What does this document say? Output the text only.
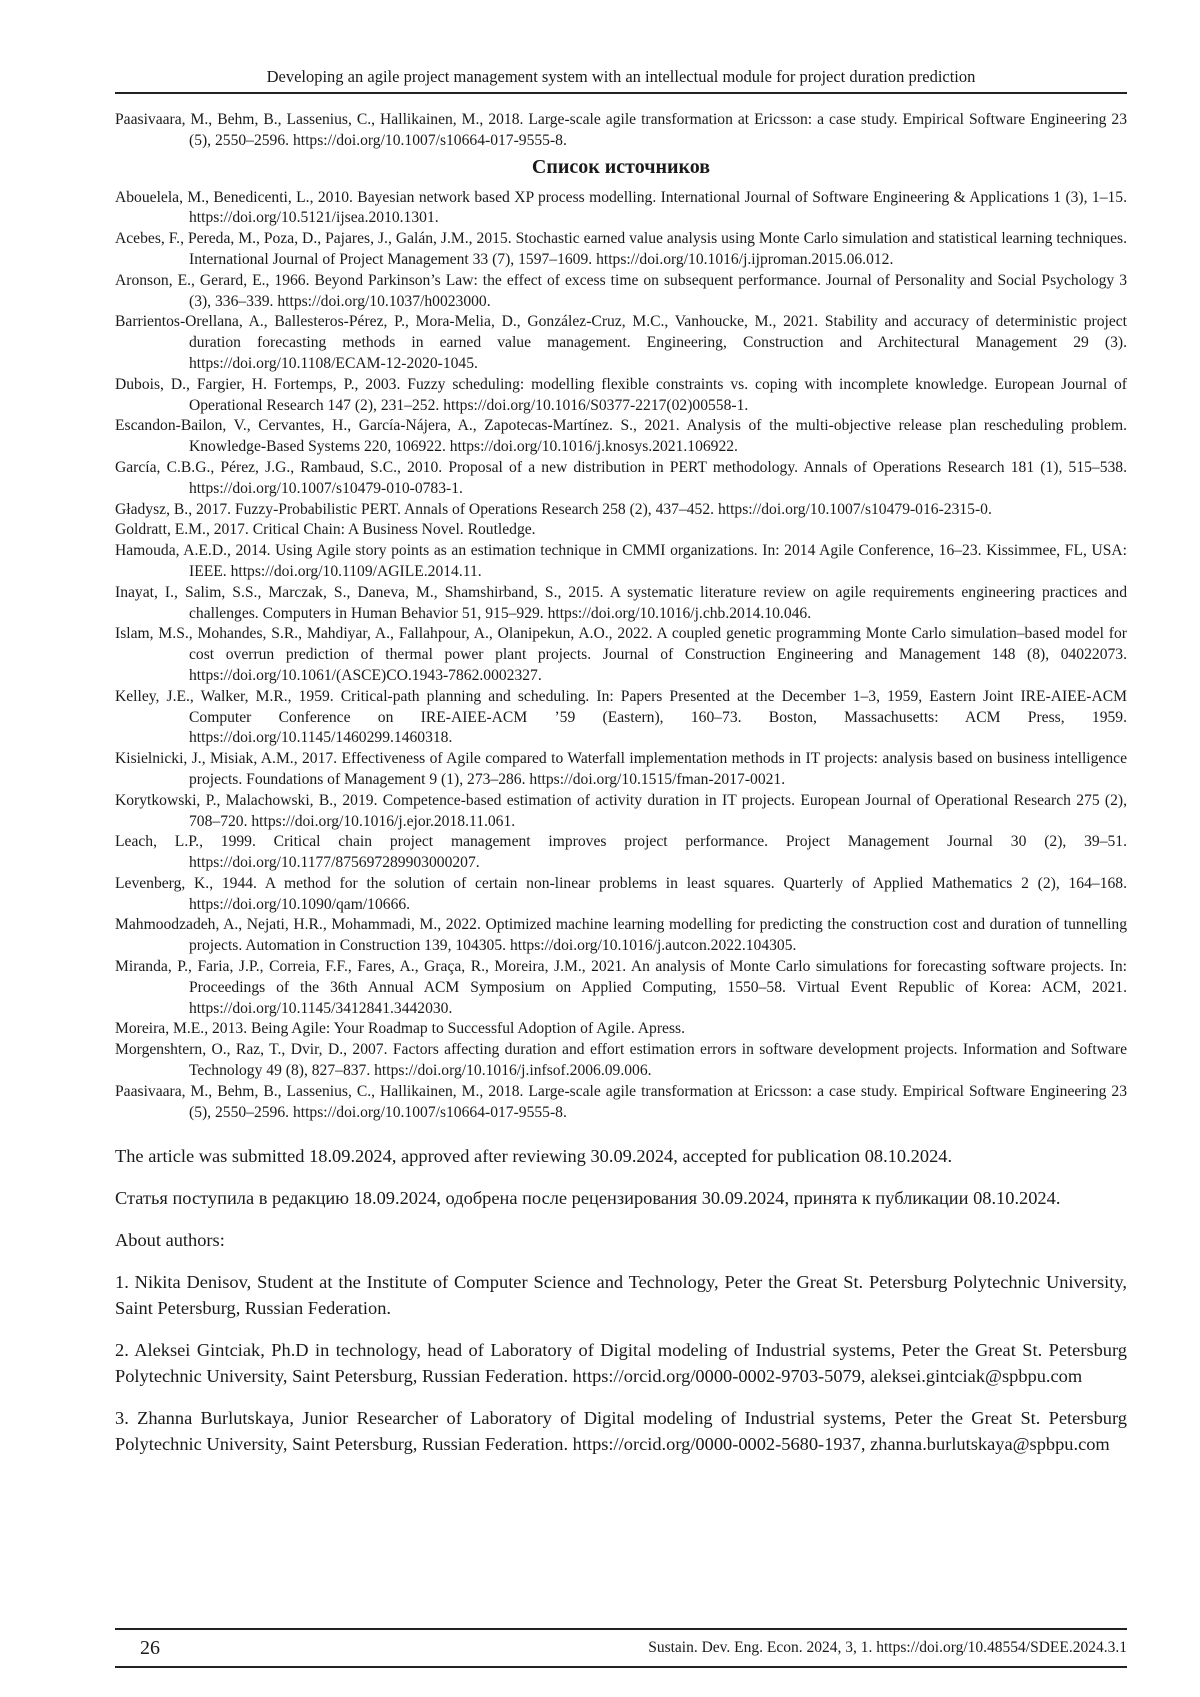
Developing an agile project management system with an intellectual module for project duration prediction

Paasivaara, M., Behm, B., Lassenius, C., Hallikainen, M., 2018. Large-scale agile transformation at Ericsson: a case study. Empirical Software Engineering 23 (5), 2550–2596. https://doi.org/10.1007/s10664-017-9555-8.

Список источников

Abouelela, M., Benedicenti, L., 2010. Bayesian network based XP process modelling. International Journal of Software Engineering & Applications 1 (3), 1–15. https://doi.org/10.5121/ijsea.2010.1301.

Acebes, F., Pereda, M., Poza, D., Pajares, J., Galán, J.M., 2015. Stochastic earned value analysis using Monte Carlo simulation and statistical learning techniques. International Journal of Project Management 33 (7), 1597–1609. https://doi.org/10.1016/j.ijproman.2015.06.012.

Aronson, E., Gerard, E., 1966. Beyond Parkinson’s Law: the effect of excess time on subsequent performance. Journal of Personality and Social Psychology 3 (3), 336–339. https://doi.org/10.1037/h0023000.

Barrientos-Orellana, A., Ballesteros-Pérez, P., Mora-Melia, D., González-Cruz, M.C., Vanhoucke, M., 2021. Stability and accuracy of deterministic project duration forecasting methods in earned value management. Engineering, Construction and Architectural Management 29 (3). https://doi.org/10.1108/ECAM-12-2020-1045.

Dubois, D., Fargier, H. Fortemps, P., 2003. Fuzzy scheduling: modelling flexible constraints vs. coping with incomplete knowledge. European Journal of Operational Research 147 (2), 231–252. https://doi.org/10.1016/S0377-2217(02)00558-1.

Escandon-Bailon, V., Cervantes, H., García-Nájera, A., Zapotecas-Martínez. S., 2021. Analysis of the multi-objective release plan rescheduling problem. Knowledge-Based Systems 220, 106922. https://doi.org/10.1016/j.knosys.2021.106922.

García, C.B.G., Pérez, J.G., Rambaud, S.C., 2010. Proposal of a new distribution in PERT methodology. Annals of Operations Research 181 (1), 515–538. https://doi.org/10.1007/s10479-010-0783-1.

Gładysz, B., 2017. Fuzzy-Probabilistic PERT. Annals of Operations Research 258 (2), 437–452. https://doi.org/10.1007/s10479-016-2315-0.

Goldratt, E.M., 2017. Critical Chain: A Business Novel. Routledge.

Hamouda, A.E.D., 2014. Using Agile story points as an estimation technique in CMMI organizations. In: 2014 Agile Conference, 16–23. Kissimmee, FL, USA: IEEE. https://doi.org/10.1109/AGILE.2014.11.

Inayat, I., Salim, S.S., Marczak, S., Daneva, M., Shamshirband, S., 2015. A systematic literature review on agile requirements engineering practices and challenges. Computers in Human Behavior 51, 915–929. https://doi.org/10.1016/j.chb.2014.10.046.

Islam, M.S., Mohandes, S.R., Mahdiyar, A., Fallahpour, A., Olanipekun, A.O., 2022. A coupled genetic programming Monte Carlo simulation–based model for cost overrun prediction of thermal power plant projects. Journal of Construction Engineering and Management 148 (8), 04022073. https://doi.org/10.1061/(ASCE)CO.1943-7862.0002327.

Kelley, J.E., Walker, M.R., 1959. Critical-path planning and scheduling. In: Papers Presented at the December 1–3, 1959, Eastern Joint IRE-AIEE-ACM Computer Conference on IRE-AIEE-ACM ’59 (Eastern), 160–73. Boston, Massachusetts: ACM Press, 1959. https://doi.org/10.1145/1460299.1460318.

Kisielnicki, J., Misiak, A.M., 2017. Effectiveness of Agile compared to Waterfall implementation methods in IT projects: analysis based on business intelligence projects. Foundations of Management 9 (1), 273–286. https://doi.org/10.1515/fman-2017-0021.

Korytkowski, P., Malachowski, B., 2019. Competence-based estimation of activity duration in IT projects. European Journal of Operational Research 275 (2), 708–720. https://doi.org/10.1016/j.ejor.2018.11.061.

Leach, L.P., 1999. Critical chain project management improves project performance. Project Management Journal 30 (2), 39–51. https://doi.org/10.1177/875697289903000207.

Levenberg, K., 1944. A method for the solution of certain non-linear problems in least squares. Quarterly of Applied Mathematics 2 (2), 164–168. https://doi.org/10.1090/qam/10666.

Mahmoodzadeh, A., Nejati, H.R., Mohammadi, M., 2022. Optimized machine learning modelling for predicting the construction cost and duration of tunnelling projects. Automation in Construction 139, 104305. https://doi.org/10.1016/j.autcon.2022.104305.

Miranda, P., Faria, J.P., Correia, F.F., Fares, A., Graça, R., Moreira, J.M., 2021. An analysis of Monte Carlo simulations for forecasting software projects. In: Proceedings of the 36th Annual ACM Symposium on Applied Computing, 1550–58. Virtual Event Republic of Korea: ACM, 2021. https://doi.org/10.1145/3412841.3442030.

Moreira, M.E., 2013. Being Agile: Your Roadmap to Successful Adoption of Agile. Apress.

Morgenshtern, O., Raz, T., Dvir, D., 2007. Factors affecting duration and effort estimation errors in software development projects. Information and Software Technology 49 (8), 827–837. https://doi.org/10.1016/j.infsof.2006.09.006.

Paasivaara, M., Behm, B., Lassenius, C., Hallikainen, M., 2018. Large-scale agile transformation at Ericsson: a case study. Empirical Software Engineering 23 (5), 2550–2596. https://doi.org/10.1007/s10664-017-9555-8.

The article was submitted 18.09.2024, approved after reviewing 30.09.2024, accepted for publication 08.10.2024.

Статья поступила в редакцию 18.09.2024, одобрена после рецензирования 30.09.2024, принята к публикации 08.10.2024.

About authors:

1. Nikita Denisov, Student at the Institute of Computer Science and Technology, Peter the Great St. Petersburg Polytechnic University, Saint Petersburg, Russian Federation.

2. Aleksei Gintciak, Ph.D in technology, head of Laboratory of Digital modeling of Industrial systems, Peter the Great St. Petersburg Polytechnic University, Saint Petersburg, Russian Federation. https://orcid.org/0000-0002-9703-5079, aleksei.gintciak@spbpu.com

3. Zhanna Burlutskaya, Junior Researcher of Laboratory of Digital modeling of Industrial systems, Peter the Great St. Petersburg Polytechnic University, Saint Petersburg, Russian Federation. https://orcid.org/0000-0002-5680-1937, zhanna.burlutskaya@spbpu.com

26	Sustain. Dev. Eng. Econ. 2024, 3, 1. https://doi.org/10.48554/SDEE.2024.3.1
